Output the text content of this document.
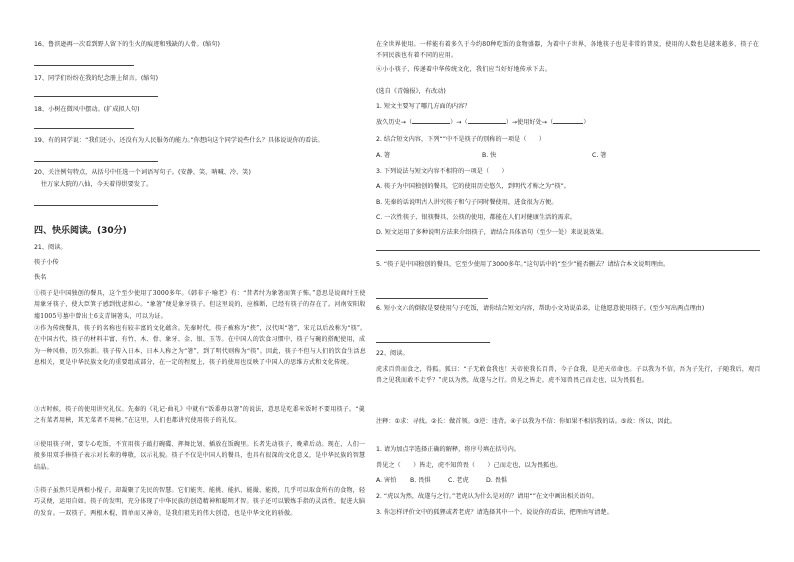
16、鲁滨逊再一次看到野人留下的生火的痕迹和残缺的人骨。(缩句)
17、同学们纷纷在我的纪念册上留言。(缩句)
18、小树在微风中摆动。(扩成拟人句)
19、有的同学说：“我们还小，还没有为人民服务的能力。”你想向这个同学说些什么？具体说说你的看法。
20、关注例句特点，从括号中任选一个词语写句子。(安静、笑、呐喊、冷、笑)
往万家大院的八仙，今天着得烘要发了。
四、快乐阅读。(30分)
21、阅读。
筷子小传
佚名
①筷子是中国独创的餐具，这个至少使用了3000多年。《韩非子·喻老》有：“昔者纣为象箸而箕子怖。”意思是说商纣王使用象牙筷子，使大臣箕子感到忧虑担心。“象箸”便是象牙筷子。但这里说的，应推断，已经有筷子的存在了。河南安阳殷墟1005号墓中曾出土6支青铜箸头，可以为证。
②作为传统餐具，筷子的名称也有较丰富的文化蕴含。先秦时代，筷子被称为“挟”，汉代叫“箸”，宋元以后改称为“筷”。在中国古代，筷子的材料丰富，有竹、木、骨、象牙、金、银、玉等。在中国人的饮食习惯中，筷子与碗的搭配使用，成为一种风格，历久弥新。筷子传入日本，日本人称之为“箸”，到了明代则称为“筷”。因此，筷子不但与人们的饮食生活息息相关，更是中华民族文化的重要组成部分，在一定的程度上，筷子的使用也反映了中国人的思维方式和文化传统。
③古时候，筷子的使用讲究礼仪。先秦的《礼记·曲礼》中就有“饭黍毋以箸”的说法，意思是吃黍米饭时不要用筷子。“羹之有菜者用梜，其无菜者不用梜。”在这里，人们也都讲究使用筷子的礼仪。
④使用筷子时，要专心吃饭，不宜用筷子敲打碗碟、挥舞比划、插放在饭碗里。长者先动筷子，晚辈后动。现在，人们一般多用双手捧筷子表示对长辈的尊敬，以示礼貌。筷子不仅是中国人的餐具，也具有很深的文化意义，是中华民族的智慧结晶。
⑤筷子虽然只是两根小棍子，却凝聚了先民的智慧。它们能夹、能挑、能扒、能撮、能拨，几乎可以取食所有的食物，轻巧灵便，运用自如。筷子的发明，充分体现了中华民族的创造精神和聪明才智。筷子还可以锻炼手指的灵活性，促进大脑的发育。一双筷子，两根木棍，简单而又神奇，是我们祖先的伟大创造，也是中华文化的骄傲。
在全世界使用。一样能有着多久于今约80种吃饭的食物盛器，为着中子世界，各地筷子也是非常的普及，使用的人数也是越来越多，筷子在不同民族也有着不同的应用。
⑥小小筷子，传递着中华传统文化，我们应当好好地传承下去。
(选自《青翰报》，有改动)
1. 短文主要写了哪几方面的内容？
放久历史→（	）→（	）→使用好处→（	）
2. 结合短文内容，下列“”中不是筷子的别称的一项是（　　）
A. 箸	B. 快	C. 箸
3. 下列说法与短文内容不相符的一项是（　　）
A. 筷子为中国独创的餐具，它的使用历史悠久，到明代才称之为“筷”。
B. 先秦的话说明古人讲究筷子和勺子同时餐使用，进食很为方便。
C. 一次性筷子、银筷餐具、公筷的使用，都能在人们对健康生活的需求。
D. 短文运用了多种说明方法来介绍筷子，请结合具体语句（至少一处）来说说效果。
5. “筷子是中国独创的餐具，它至少使用了3000多年。”这句话中的“至少”能否删去？请结合本文说明理由。
6. 短小文六的倒叙是要使用勺子吃饭，请你结合短文内容，帮助小文劝说弟弟，让他愿意使用筷子。(至少写出两点理由)
22、阅读。
虎求百兽而食之，得狐。狐曰：“子无敢食我也！天帝使我长百兽，今子食我，是逆天帝命也。子以我为不信，吾为子先行，子随我后，观百兽之见我而敢不走乎？”虎以为然，故遂与之行。兽见之皆走。虎不知兽畏己而走也，以为畏狐也。
注释：①求：寻找。②长：做首领。③逆：违背。④子以我为不信：你如果不相信我的话。⑤故：所以，因此。
1. 请为加点字选择正确的解释，将序号填在括号内。
兽见之（　　）皆走，虎不知兽畏（　　）己而走也，以为畏狐也。
A. 害怕 B. 畏惧	C. 老虎	D. 畏惧
2. “虎以为然，故遂与之行。”老虎认为什么是对的？请用“”在文中画出相关语句。
3. 你怎样评价文中的狐狸或者老虎？请选择其中一个，说说你的看法，把理由写清楚。
